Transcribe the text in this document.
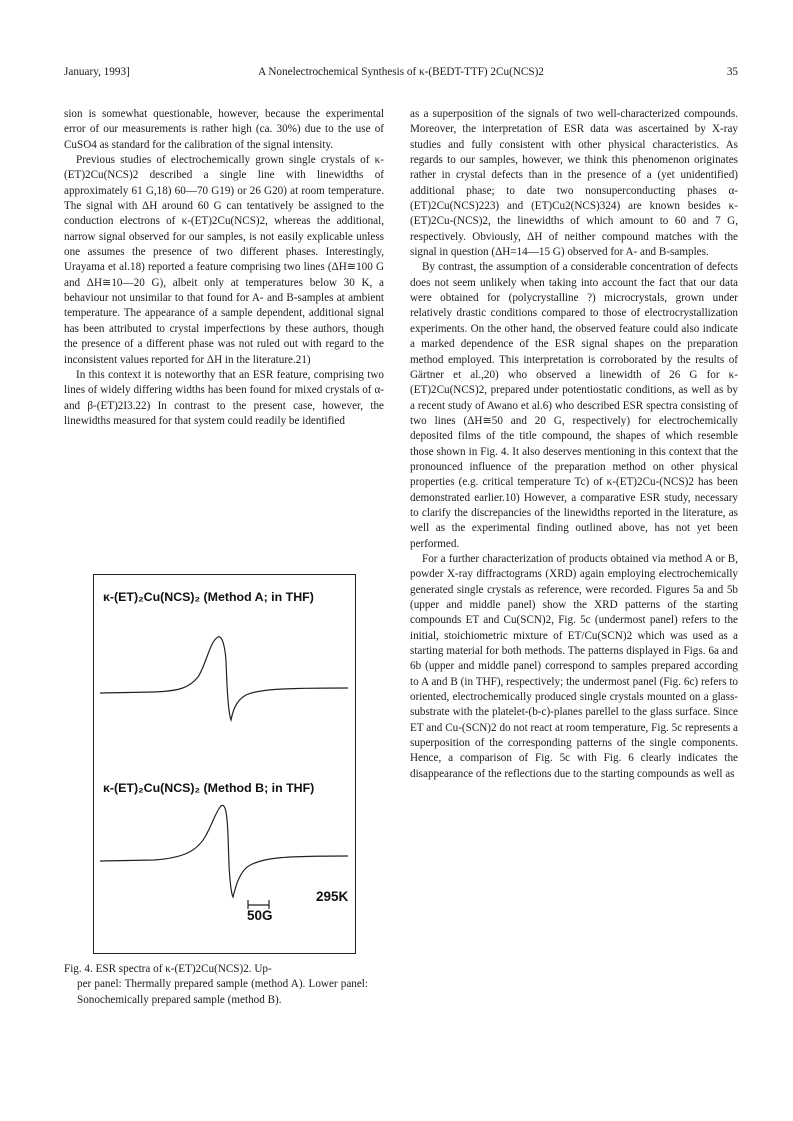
January, 1993]	A Nonelectrochemical Synthesis of κ-(BEDT-TTF) 2Cu(NCS)2	35

sion is somewhat questionable, however, because the experimental error of our measurements is rather high (ca. 30%) due to the use of CuSO4 as standard for the calibration of the signal intensity.

Previous studies of electrochemically grown single crystals of κ-(ET)2Cu(NCS)2 described a single line with linewidths of approximately 61 G,18) 60—70 G19) or 26 G20) at room temperature. The signal with ΔH around 60 G can tentatively be assigned to the conduction electrons of κ-(ET)2Cu(NCS)2, whereas the additional, narrow signal observed for our samples, is not easily explicable unless one assumes the presence of two different phases. Interestingly, Urayama et al.18) reported a feature comprising two lines (ΔH≅100 G and ΔH≅10—20 G), albeit only at temperatures below 30 K, a behaviour not unsimilar to that found for A- and B-samples at ambient temperature. The appearance of a sample dependent, additional signal has been attributed to crystal imperfections by these authors, though the presence of a different phase was not ruled out with regard to the inconsistent values reported for ΔH in the literature.21)

In this context it is noteworthy that an ESR feature, comprising two lines of widely differing widths has been found for mixed crystals of α- and β-(ET)2I3.22) In contrast to the present case, however, the linewidths measured for that system could readily be identified

κ-(ET)₂Cu(NCS)₂ (Method A; in THF)
κ-(ET)₂Cu(NCS)₂ (Method B; in THF)
295K
50G

Fig. 4. ESR spectra of κ-(ET)2Cu(NCS)2. Up-

per panel: Thermally prepared sample (method A). Lower panel: Sonochemically prepared sample (method B).

as a superposition of the signals of two well-characterized compounds. Moreover, the interpretation of ESR data was ascertained by X-ray studies and fully consistent with other physical characteristics. As regards to our samples, however, we think this phenomenon originates rather in crystal defects than in the presence of a (yet unidentified) additional phase; to date two nonsuperconducting phases α-(ET)2Cu(NCS)223) and (ET)Cu2(NCS)324) are known besides κ-(ET)2Cu-(NCS)2, the linewidths of which amount to 60 and 7 G, respectively. Obviously, ΔH of neither compound matches with the signal in question (ΔH=14—15 G) observed for A- and B-samples.

By contrast, the assumption of a considerable concentration of defects does not seem unlikely when taking into account the fact that our data were obtained for (polycrystalline ?) microcrystals, grown under relatively drastic conditions compared to those of electrocrystallization experiments. On the other hand, the observed feature could also indicate a marked dependence of the ESR signal shapes on the preparation method employed. This interpretation is corroborated by the results of Gärtner et al.,20) who observed a linewidth of 26 G for κ-(ET)2Cu(NCS)2, prepared under potentiostatic conditions, as well as by a recent study of Awano et al.6) who described ESR spectra consisting of two lines (ΔH≅50 and 20 G, respectively) for electrochemically deposited films of the title compound, the shapes of which resemble those shown in Fig. 4. It also deserves mentioning in this context that the pronounced influence of the preparation method on other physical properties (e.g. critical temperature Tc) of κ-(ET)2Cu-(NCS)2 has been demonstrated earlier.10) However, a comparative ESR study, necessary to clarify the discrepancies of the linewidths reported in the literature, as well as the experimental finding outlined above, has not yet been performed.

For a further characterization of products obtained via method A or B, powder X-ray diffractograms (XRD) again employing electrochemically generated single crystals as reference, were recorded. Figures 5a and 5b (upper and middle panel) show the XRD patterns of the starting compounds ET and Cu(SCN)2, Fig. 5c (undermost panel) refers to the initial, stoichiometric mixture of ET/Cu(SCN)2 which was used as a starting material for both methods. The patterns displayed in Figs. 6a and 6b (upper and middle panel) correspond to samples prepared according to A and B (in THF), respectively; the undermost panel (Fig. 6c) refers to oriented, electrochemically produced single crystals mounted on a glass-substrate with the platelet-(b-c)-planes parellel to the glass surface. Since ET and Cu-(SCN)2 do not react at room temperature, Fig. 5c represents a superposition of the corresponding patterns of the single components. Hence, a comparison of Fig. 5c with Fig. 6 clearly indicates the disappearance of the reflections due to the starting compounds as well as
